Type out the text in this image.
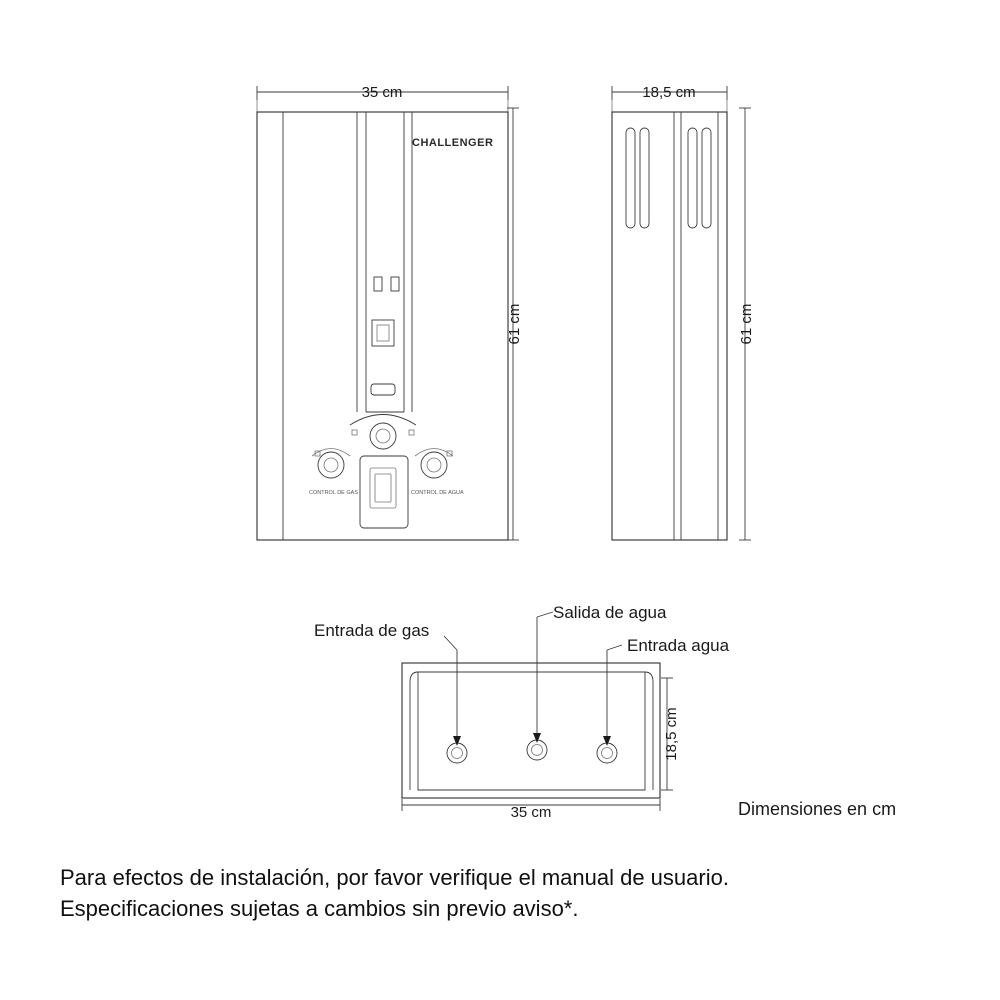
CHALLENGER
CONTROL DE GAS	CONTROL DE AGUA
35 cm	18,5 cm
61 cm	61 cm
Entrada de gas
Salida de agua
Entrada agua
35 cm
18,5 cm
Dimensiones en cm
Para efectos de instalación, por favor verifique el manual de usuario.
Especificaciones sujetas a cambios sin previo aviso*.
